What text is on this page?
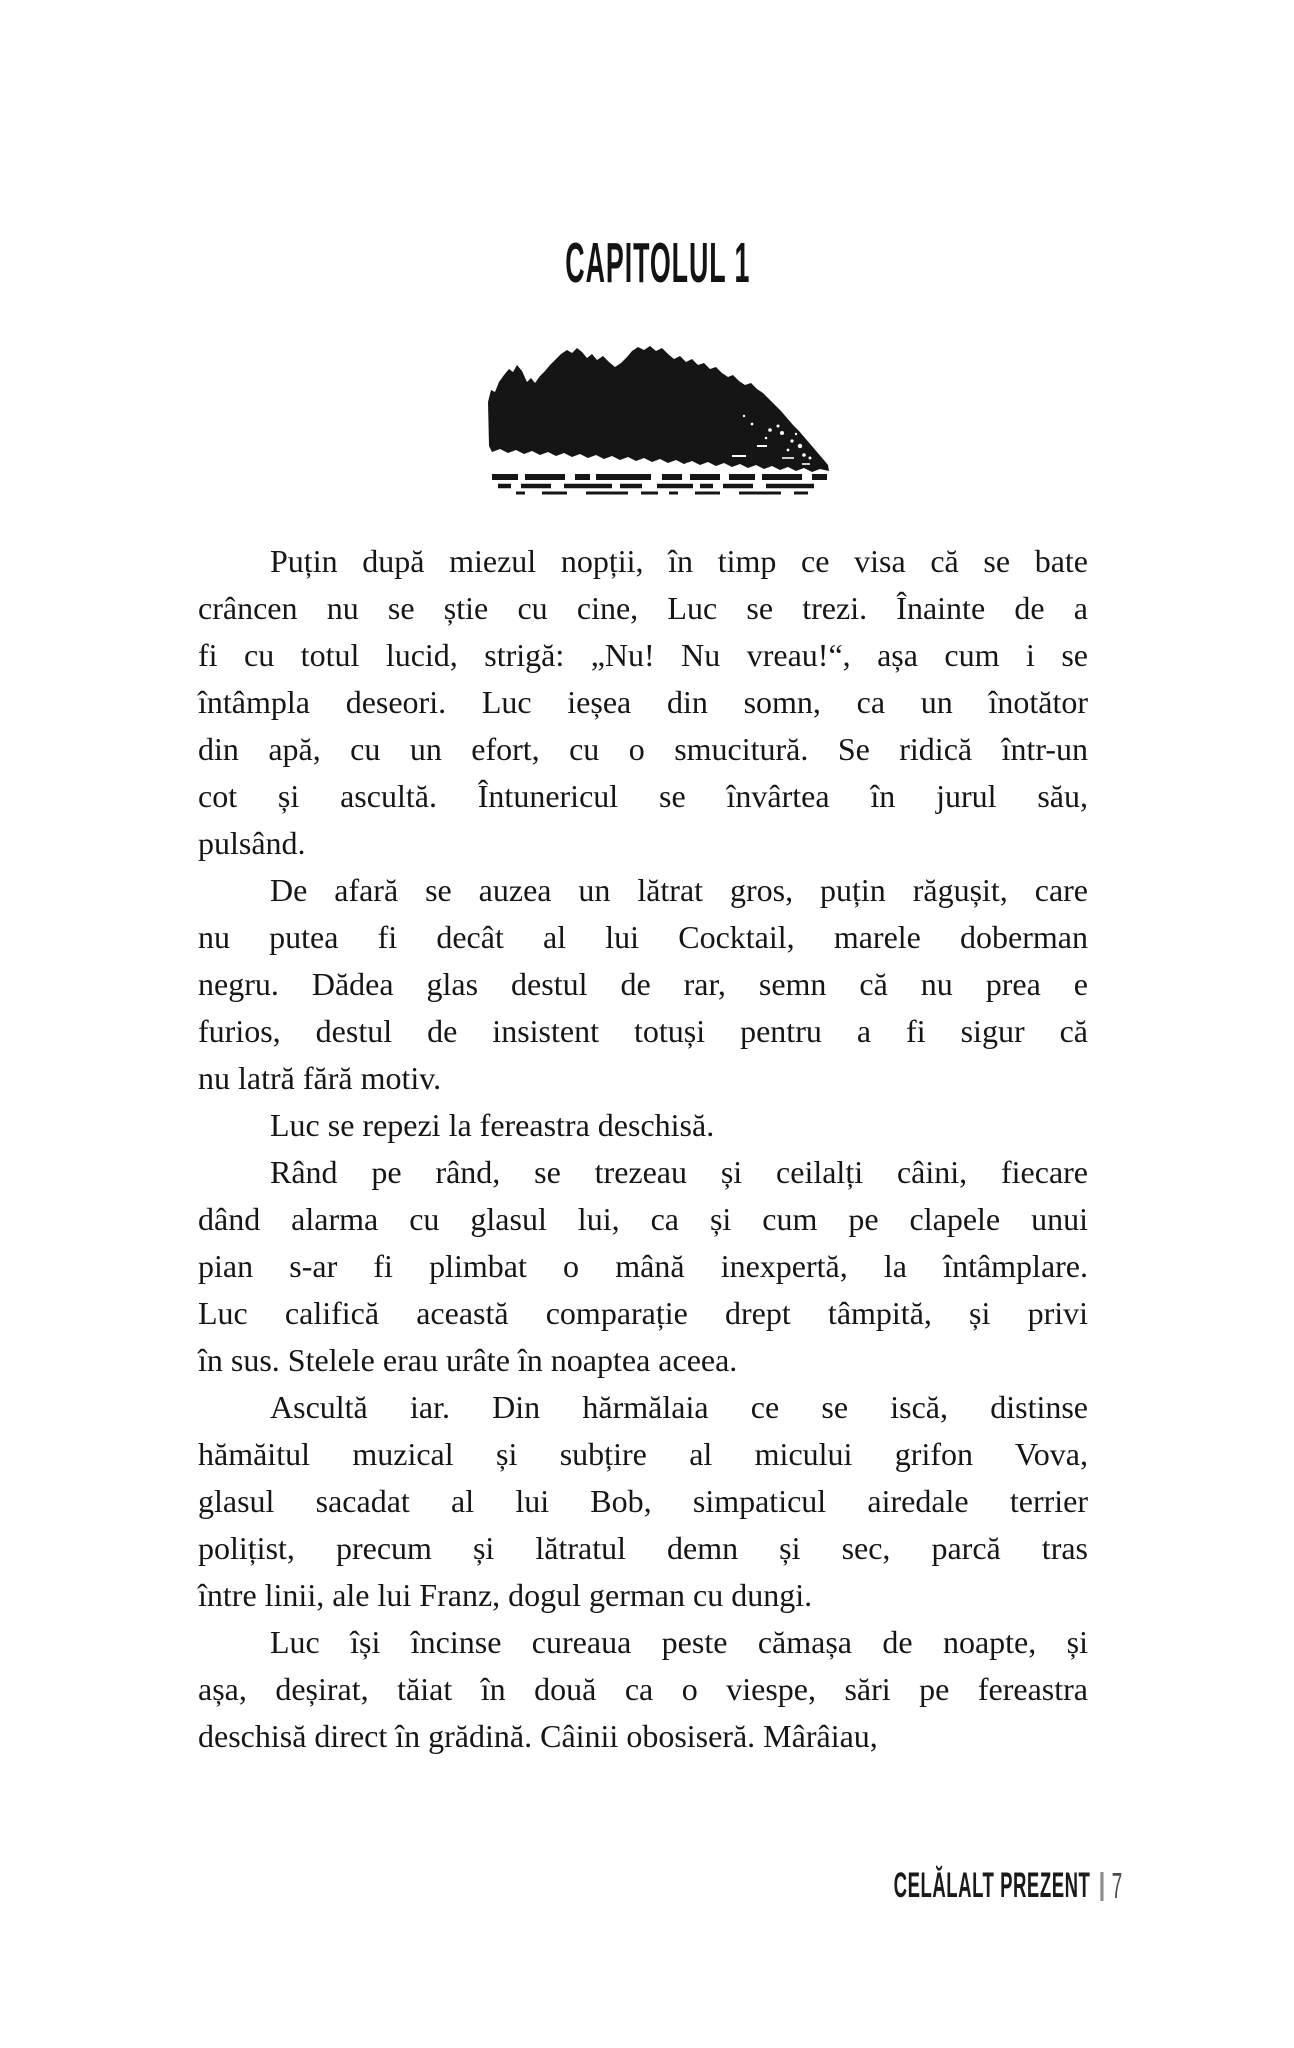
CAPITOLUL 1
Puțin după miezul nopții, în timp ce visa că se bate
crâncen nu se știe cu cine, Luc se trezi. Înainte de a
fi cu totul lucid, strigă: „Nu! Nu vreau!“, așa cum i se
întâmpla deseori. Luc ieșea din somn, ca un înotător
din apă, cu un efort, cu o smucitură. Se ridică într-un
cot și ascultă. Întunericul se învârtea în jurul său,
pulsând.
De afară se auzea un lătrat gros, puțin răgușit, care
nu putea fi decât al lui Cocktail, marele doberman
negru. Dădea glas destul de rar, semn că nu prea e
furios, destul de insistent totuși pentru a fi sigur că
nu latră fără motiv.
Luc se repezi la fereastra deschisă.
Rând pe rând, se trezeau și ceilalți câini, fiecare
dând alarma cu glasul lui, ca și cum pe clapele unui
pian s-ar fi plimbat o mână inexpertă, la întâmplare.
Luc califică această comparație drept tâmpită, și privi
în sus. Stelele erau urâte în noaptea aceea.
Ascultă iar. Din hărmălaia ce se iscă, distinse
hămăitul muzical și subțire al micului grifon Vova,
glasul sacadat al lui Bob, simpaticul airedale terrier
polițist, precum și lătratul demn și sec, parcă tras
între linii, ale lui Franz, dogul german cu dungi.
Luc își încinse cureaua peste cămașa de noapte, și
așa, deșirat, tăiat în două ca o viespe, sări pe fereastra
deschisă direct în grădină. Câinii obosiseră. Mârâiau,
CELĂLALT PREZENT 7
